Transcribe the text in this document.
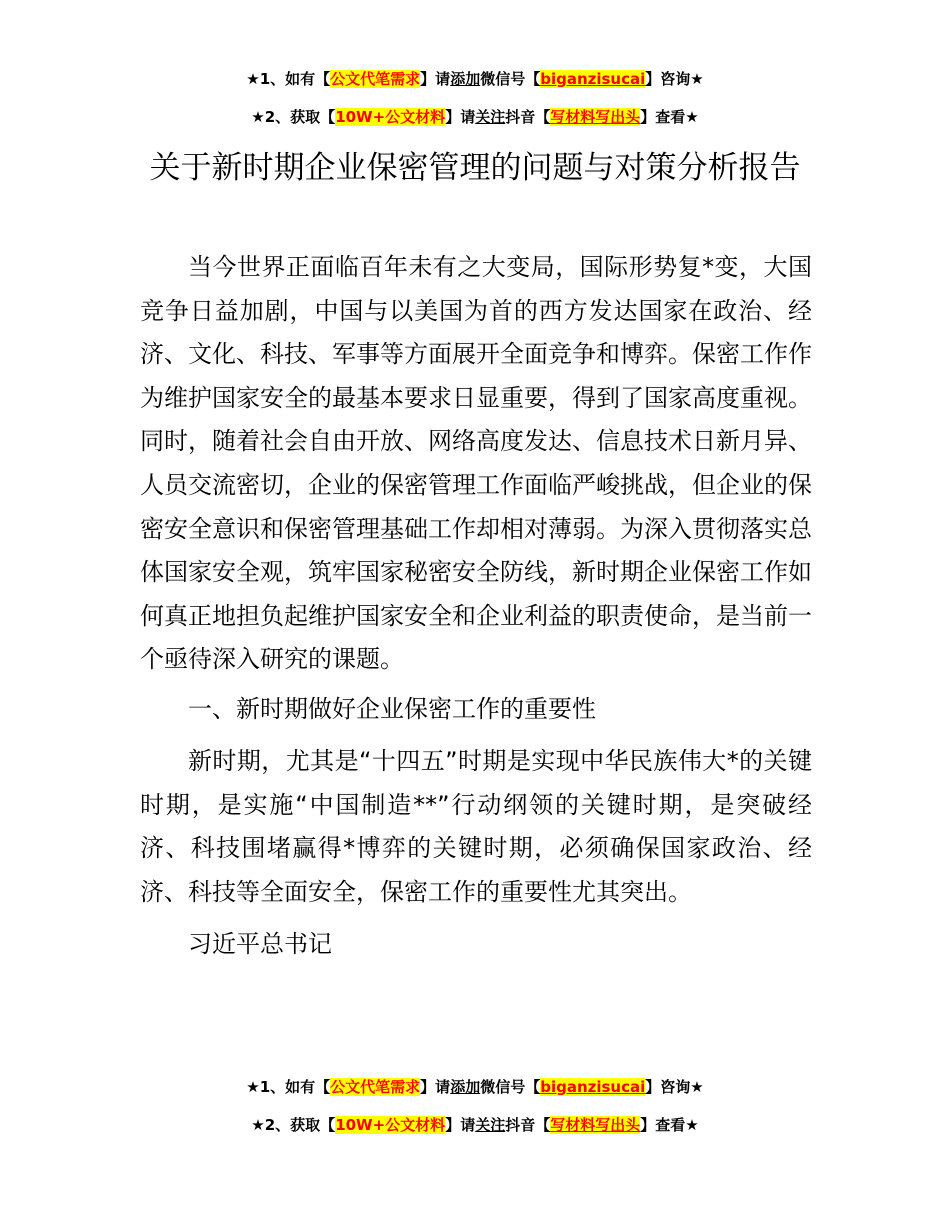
★1、如有【公文代笔需求】请添加微信号【biganzisucai】咨询★
★2、获取【10W+公文材料】请关注抖音【写材料写出头】查看★
关于新时期企业保密管理的问题与对策分析报告

当今世界正面临百年未有之大变局，国际形势复*变，大国竞争日益加剧，中国与以美国为首的西方发达国家在政治、经济、文化、科技、军事等方面展开全面竞争和博弈。保密工作作为维护国家安全的最基本要求日显重要，得到了国家高度重视。同时，随着社会自由开放、网络高度发达、信息技术日新月异、人员交流密切，企业的保密管理工作面临严峻挑战，但企业的保密安全意识和保密管理基础工作却相对薄弱。为深入贯彻落实总体国家安全观，筑牢国家秘密安全防线，新时期企业保密工作如何真正地担负起维护国家安全和企业利益的职责使命，是当前一个亟待深入研究的课题。

一、新时期做好企业保密工作的重要性

新时期，尤其是“十四五”时期是实现中华民族伟大*的关键时期，是实施“中国制造**”行动纲领的关键时期，是突破经济、科技围堵赢得*博弈的关键时期，必须确保国家政治、经济、科技等全面安全，保密工作的重要性尤其突出。

习近平总书记

★1、如有【公文代笔需求】请添加微信号【biganzisucai】咨询★
★2、获取【10W+公文材料】请关注抖音【写材料写出头】查看★
